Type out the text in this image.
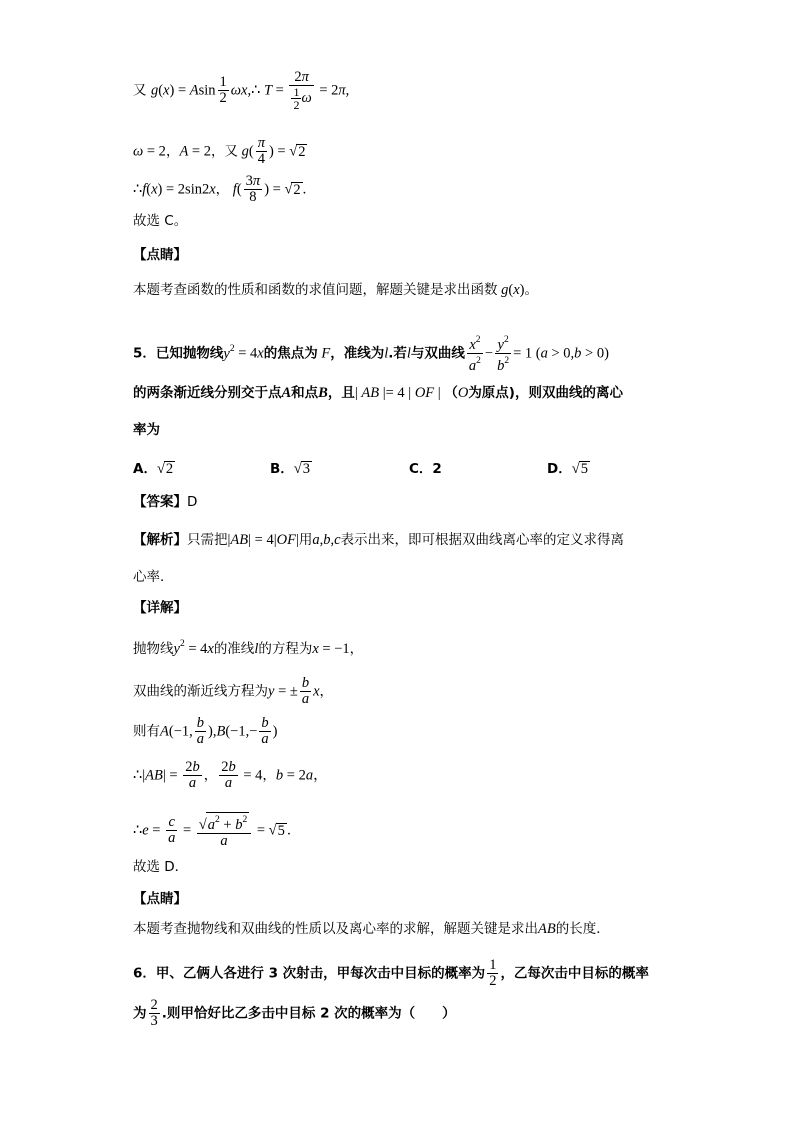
又 g(x) = Asin $\frac{1}{2}$ ωx,∴ $T = \frac{2\pi}{\frac{1}{2} \omega} = 2\pi$,
ω = 2，A = 2，又 $g( \frac{\pi}{4}$ ) = √2
∴f(x) = 2sin2x， $f( \frac{3\pi}{8}$ ) = √2 .
故选 C。
【点睛】
本题考查函数的性质和函数的求值问题，解题关键是求出函数 g(x)。
5．已知抛物线$y^2 = 4x$的焦点为 F，准线为l.若l与双曲线 $\frac{x^2}{a^2} - \frac{y^2}{b^2} = 1$ (a > 0,b > 0)
的两条渐近线分别交于点A和点B，且| AB |= 4 | OF | （O为原点)，则双曲线的离心
率为
A．√2	B．√3	C．2	D．√5
【答案】D
【解析】只需把|AB| = 4|OF|用a,b,c表示出来，即可根据双曲线离心率的定义求得离
心率．
【详解】
抛物线$y^2 = 4x$的准线l的方程为x = −1，
双曲线的渐近线方程为y = ± $\frac{b}{a}$ x，
则有A(−1, $\frac{b}{a} ),B(-1,- \frac{b}{a}$ )
∴|AB| = $\frac{2b}{a}$ ， $\frac{2b}{a} = 4$，b = 2a，
∴e = $\frac{c}{a} = \frac{√a^2 + b^2}{a} = √5$ ．
故选 D．
【点睛】
本题考查抛物线和双曲线的性质以及离心率的求解，解题关键是求出AB的长度．
6．甲、乙俩人各进行 3 次射击，甲每次击中目标的概率为 $\frac{1}{2}$ ，乙每次击中目标的概率
为 $\frac{2}{3}$ .则甲恰好比乙多击中目标 2 次的概率为（　　）
